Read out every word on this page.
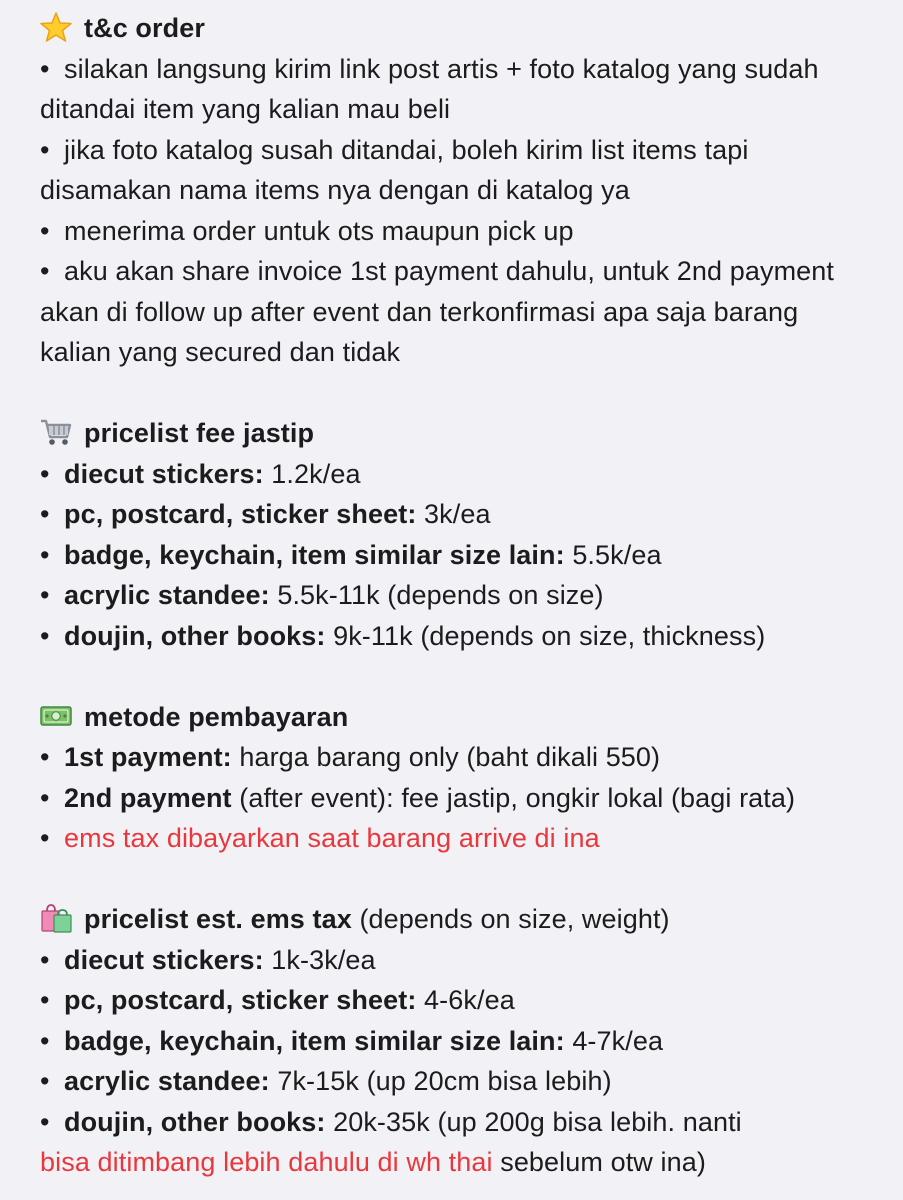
t&c order
• silakan langsung kirim link post artis + foto katalog yang sudah ditandai item yang kalian mau beli
• jika foto katalog susah ditandai, boleh kirim list items tapi disamakan nama items nya dengan di katalog ya
• menerima order untuk ots maupun pick up
• aku akan share invoice 1st payment dahulu, untuk 2nd payment akan di follow up after event dan terkonfirmasi apa saja barang kalian yang secured dan tidak
pricelist fee jastip
• diecut stickers: 1.2k/ea
• pc, postcard, sticker sheet: 3k/ea
• badge, keychain, item similar size lain: 5.5k/ea
• acrylic standee: 5.5k-11k (depends on size)
• doujin, other books: 9k-11k (depends on size, thickness)
metode pembayaran
• 1st payment: harga barang only (baht dikali 550)
• 2nd payment (after event): fee jastip, ongkir lokal (bagi rata)
• ems tax dibayarkan saat barang arrive di ina
pricelist est. ems tax (depends on size, weight)
• diecut stickers: 1k-3k/ea
• pc, postcard, sticker sheet: 4-6k/ea
• badge, keychain, item similar size lain: 4-7k/ea
• acrylic standee: 7k-15k (up 20cm bisa lebih)
• doujin, other books: 20k-35k (up 200g bisa lebih. nanti
bisa ditimbang lebih dahulu di wh thai sebelum otw ina)
